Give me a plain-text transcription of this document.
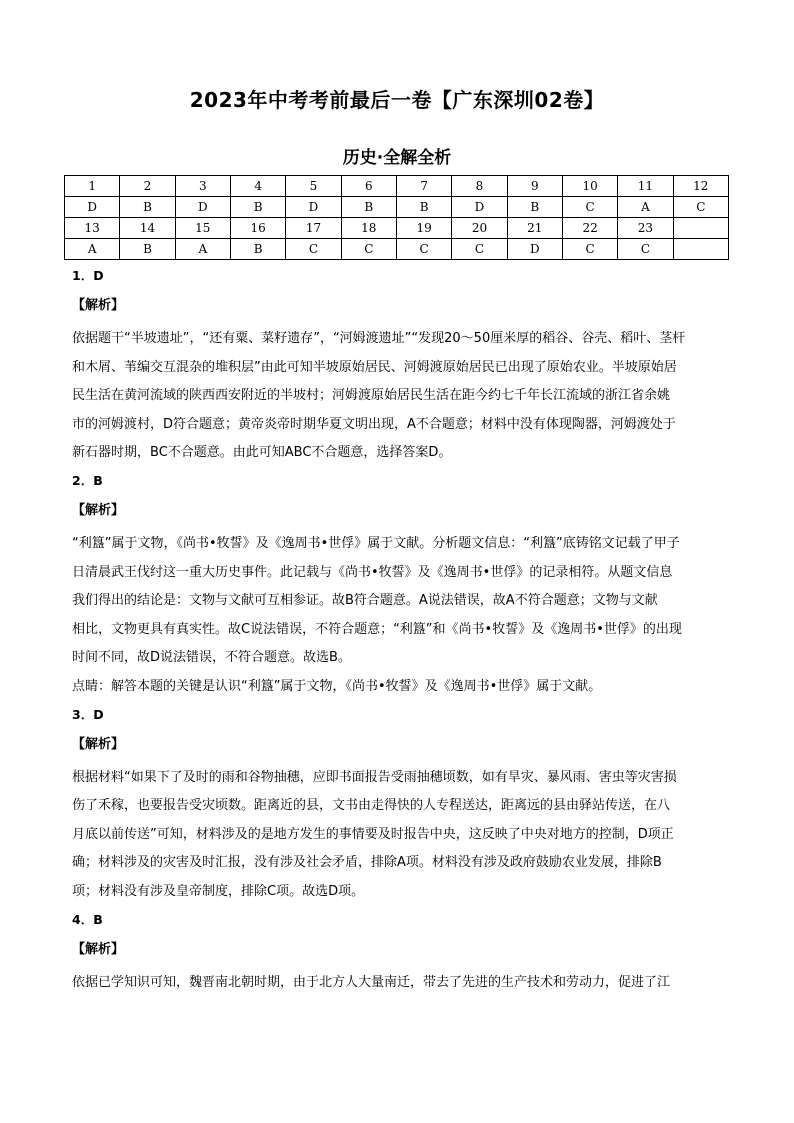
2023年中考考前最后一卷【广东深圳02卷】
历史·全解全析
1	2	3	4	5	6	7	8	9	10	11	12
D	B	D	B	D	B	B	D	B	C	A	C
13	14	15	16	17	18	19	20	21	22	23	
A	B	A	B	C	C	C	C	D	C	C	
1．D
【解析】
依据题干“半坡遗址”，“还有粟、菜籽遗存”，“河姆渡遗址”“发现20～50厘米厚的稻谷、谷壳、稻叶、茎杆
和木屑、苇编交互混杂的堆积层”由此可知半坡原始居民、河姆渡原始居民已出现了原始农业。半坡原始居
民生活在黄河流域的陕西西安附近的半坡村；河姆渡原始居民生活在距今约七千年长江流域的浙江省余姚
市的河姆渡村，D符合题意；黄帝炎帝时期华夏文明出现，A不合题意；材料中没有体现陶器，河姆渡处于
新石器时期，BC不合题意。由此可知ABC不合题意，选择答案D。
2．B
【解析】
“利簋”属于文物，《尚书•牧誓》及《逸周书•世俘》属于文献。分析题文信息：“利簋”底铸铭文记载了甲子
日清晨武王伐纣这一重大历史事件。此记载与《尚书•牧誓》及《逸周书•世俘》的记录相符。从题文信息
我们得出的结论是：文物与文献可互相参证。故B符合题意。A说法错误，故A不符合题意；文物与文献
相比，文物更具有真实性。故C说法错误，不符合题意；“利簋”和《尚书•牧誓》及《逸周书•世俘》的出现
时间不同，故D说法错误，不符合题意。故选B。
点睛：解答本题的关键是认识“利簋”属于文物，《尚书•牧誓》及《逸周书•世俘》属于文献。
3．D
【解析】
根据材料“如果下了及时的雨和谷物抽穗，应即书面报告受雨抽穗顷数，如有旱灾、暴风雨、害虫等灾害损
伤了禾稼，也要报告受灾顷数。距离近的县，文书由走得快的人专程送达，距离远的县由驿站传送，在八
月底以前传送”可知，材料涉及的是地方发生的事情要及时报告中央，这反映了中央对地方的控制，D项正
确；材料涉及的灾害及时汇报，没有涉及社会矛盾，排除A项。材料没有涉及政府鼓励农业发展，排除B
项；材料没有涉及皇帝制度，排除C项。故选D项。
4．B
【解析】
依据已学知识可知，魏晋南北朝时期，由于北方人大量南迁，带去了先进的生产技术和劳动力，促进了江
